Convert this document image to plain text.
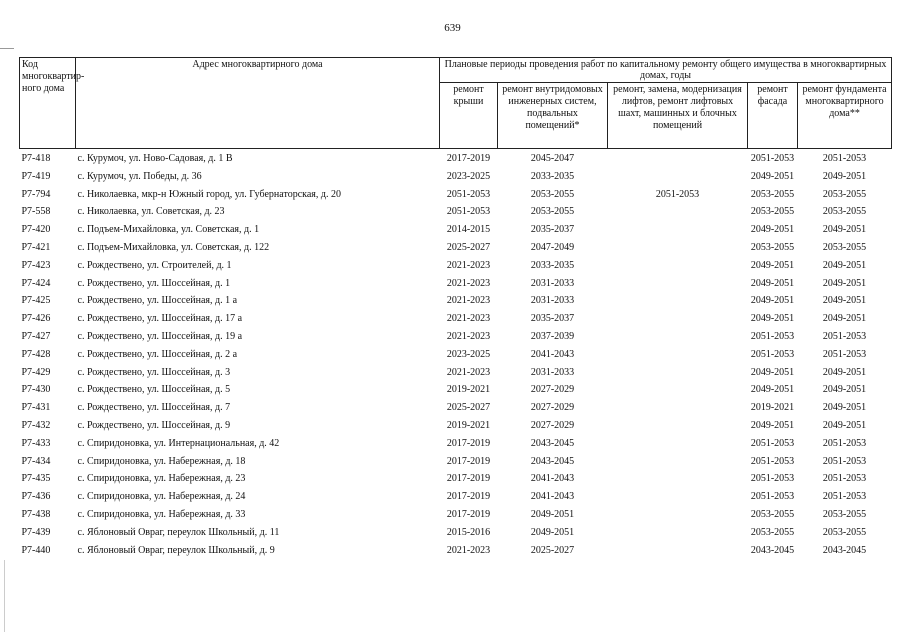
639
Код многоквартир-ного дома	Адрес многоквартирного дома	Плановые периоды проведения работ по капитальному ремонту общего имущества в многоквартирных домах, годы				
		ремонт крыши	ремонт внутридомовых инженерных систем, подвальных помещений*	ремонт, замена, модернизация лифтов, ремонт лифтовых шахт, машинных и блочных помещений	ремонт фасада	ремонт фундамента многоквартирного дома**
Р7-418	с. Курумоч, ул. Ново-Садовая, д. 1 В	2017-2019	2045-2047		2051-2053	2051-2053
Р7-419	с. Курумоч, ул. Победы, д. 36	2023-2025	2033-2035		2049-2051	2049-2051
Р7-794	с. Николаевка, мкр-н Южный город, ул. Губернаторская, д. 20	2051-2053	2053-2055	2051-2053	2053-2055	2053-2055
Р7-558	с. Николаевка, ул. Советская, д. 23	2051-2053	2053-2055		2053-2055	2053-2055
Р7-420	с. Подъем-Михайловка, ул. Советская, д. 1	2014-2015	2035-2037		2049-2051	2049-2051
Р7-421	с. Подъем-Михайловка, ул. Советская, д. 122	2025-2027	2047-2049		2053-2055	2053-2055
Р7-423	с. Рождествено, ул. Строителей, д. 1	2021-2023	2033-2035		2049-2051	2049-2051
Р7-424	с. Рождествено, ул. Шоссейная, д. 1	2021-2023	2031-2033		2049-2051	2049-2051
Р7-425	с. Рождествено, ул. Шоссейная, д. 1 а	2021-2023	2031-2033		2049-2051	2049-2051
Р7-426	с. Рождествено, ул. Шоссейная, д. 17 а	2021-2023	2035-2037		2049-2051	2049-2051
Р7-427	с. Рождествено, ул. Шоссейная, д. 19 а	2021-2023	2037-2039		2051-2053	2051-2053
Р7-428	с. Рождествено, ул. Шоссейная, д. 2 а	2023-2025	2041-2043		2051-2053	2051-2053
Р7-429	с. Рождествено, ул. Шоссейная, д. 3	2021-2023	2031-2033		2049-2051	2049-2051
Р7-430	с. Рождествено, ул. Шоссейная, д. 5	2019-2021	2027-2029		2049-2051	2049-2051
Р7-431	с. Рождествено, ул. Шоссейная, д. 7	2025-2027	2027-2029		2019-2021	2049-2051
Р7-432	с. Рождествено, ул. Шоссейная, д. 9	2019-2021	2027-2029		2049-2051	2049-2051
Р7-433	с. Спиридоновка, ул. Интернациональная, д. 42	2017-2019	2043-2045		2051-2053	2051-2053
Р7-434	с. Спиридоновка, ул. Набережная, д. 18	2017-2019	2043-2045		2051-2053	2051-2053
Р7-435	с. Спиридоновка, ул. Набережная, д. 23	2017-2019	2041-2043		2051-2053	2051-2053
Р7-436	с. Спиридоновка, ул. Набережная, д. 24	2017-2019	2041-2043		2051-2053	2051-2053
Р7-438	с. Спиридоновка, ул. Набережная, д. 33	2017-2019	2049-2051		2053-2055	2053-2055
Р7-439	с. Яблоновый Овраг, переулок Школьный, д. 11	2015-2016	2049-2051		2053-2055	2053-2055
Р7-440	с. Яблоновый Овраг, переулок Школьный, д. 9	2021-2023	2025-2027		2043-2045	2043-2045
